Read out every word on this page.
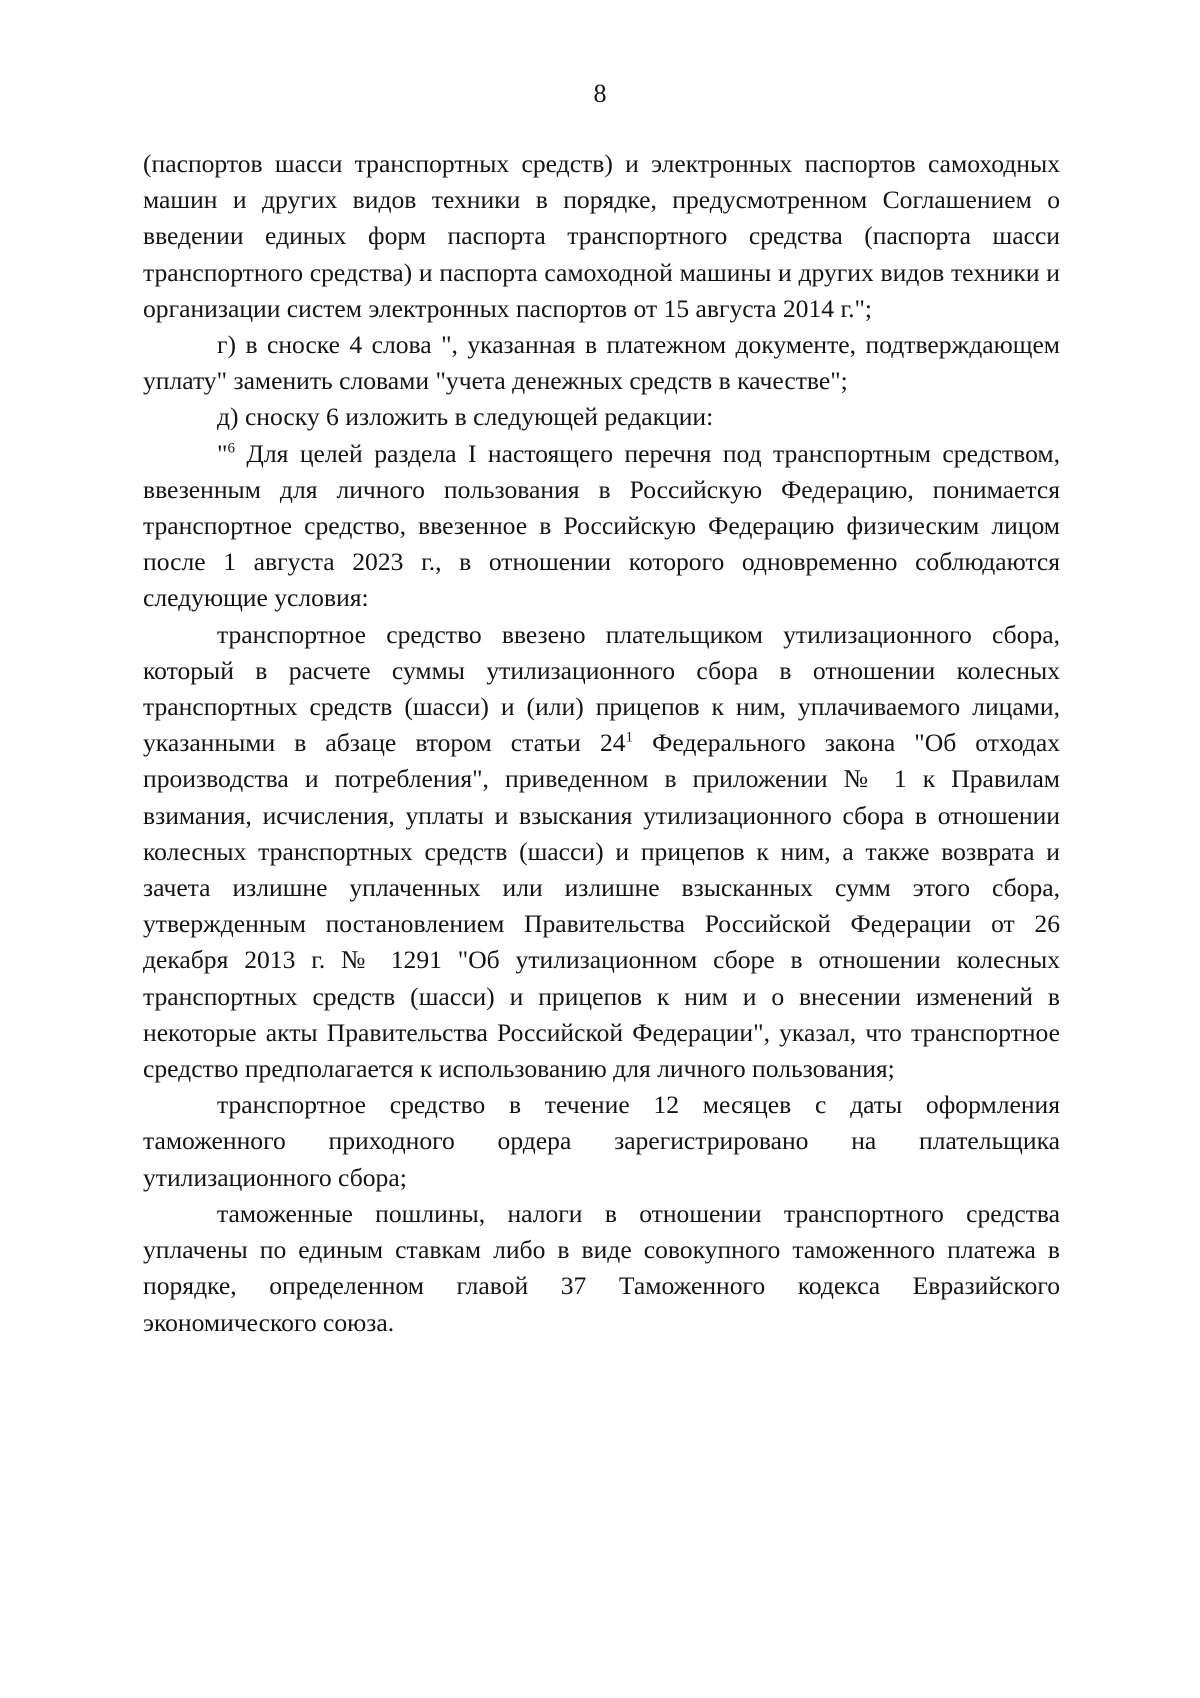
8

(паспортов шасси транспортных средств) и электронных паспортов самоходных машин и других видов техники в порядке, предусмотренном Соглашением о введении единых форм паспорта транспортного средства (паспорта шасси транспортного средства) и паспорта самоходной машины и других видов техники и организации систем электронных паспортов от 15 августа 2014 г.";

г) в сноске 4 слова ", указанная в платежном документе, подтверждающем уплату" заменить словами "учета денежных средств в качестве";

д) сноску 6 изложить в следующей редакции:

"$^6$ Для целей раздела I настоящего перечня под транспортным средством, ввезенным для личного пользования в Российскую Федерацию, понимается транспортное средство, ввезенное в Российскую Федерацию физическим лицом после 1 августа 2023 г., в отношении которого одновременно соблюдаются следующие условия:

транспортное средство ввезено плательщиком утилизационного сбора, который в расчете суммы утилизационного сбора в отношении колесных транспортных средств (шасси) и (или) прицепов к ним, уплачиваемого лицами, указанными в абзаце втором статьи $24^1$ Федерального закона "Об отходах производства и потребления", приведенном в приложении № 1 к Правилам взимания, исчисления, уплаты и взыскания утилизационного сбора в отношении колесных транспортных средств (шасси) и прицепов к ним, а также возврата и зачета излишне уплаченных или излишне взысканных сумм этого сбора, утвержденным постановлением Правительства Российской Федерации от 26 декабря 2013 г. № 1291 "Об утилизационном сборе в отношении колесных транспортных средств (шасси) и прицепов к ним и о внесении изменений в некоторые акты Правительства Российской Федерации", указал, что транспортное средство предполагается к использованию для личного пользования;

транспортное средство в течение 12 месяцев с даты оформления таможенного приходного ордера зарегистрировано на плательщика утилизационного сбора;

таможенные пошлины, налоги в отношении транспортного средства уплачены по единым ставкам либо в виде совокупного таможенного платежа в порядке, определенном главой 37 Таможенного кодекса Евразийского экономического союза.
